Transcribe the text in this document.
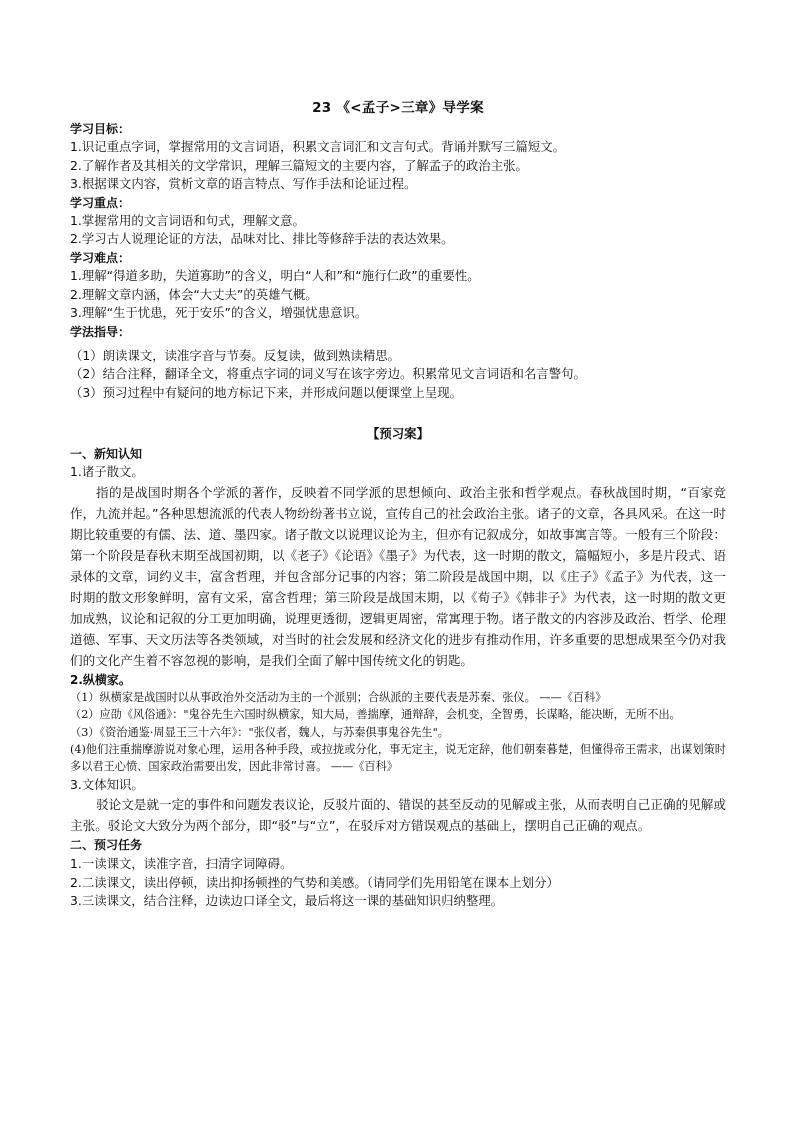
23 《<孟子>三章》导学案
学习目标：
1.识记重点字词，掌握常用的文言词语，积累文言词汇和文言句式。背诵并默写三篇短文。
2.了解作者及其相关的文学常识，理解三篇短文的主要内容，了解孟子的政治主张。
3.根据课文内容，赏析文章的语言特点、写作手法和论证过程。
学习重点：
1.掌握常用的文言词语和句式，理解文意。
2.学习古人说理论证的方法，品味对比、排比等修辞手法的表达效果。
学习难点：
1.理解“得道多助，失道寡助”的含义，明白“人和”和“施行仁政”的重要性。
2.理解文章内涵，体会“大丈夫”的英雄气概。
3.理解“生于忧患，死于安乐”的含义，增强忧患意识。
学法指导：
（1）朗读课文，读准字音与节奏。反复读，做到熟读精思。
（2）结合注释，翻译全文，将重点字词的词义写在该字旁边。积累常见文言词语和名言警句。
（3）预习过程中有疑问的地方标记下来，并形成问题以便课堂上呈现。
【预习案】
一、新知认知
1.诸子散文。
指的是战国时期各个学派的著作，反映着不同学派的思想倾向、政治主张和哲学观点。春秋战国时期，“百家竞作，九流并起。”各种思想流派的代表人物纷纷著书立说，宣传自己的社会政治主张。诸子的文章，各具风采。在这一时期比较重要的有儒、法、道、墨四家。诸子散文以说理议论为主，但亦有记叙成分，如故事寓言等。一般有三个阶段：第一个阶段是春秋末期至战国初期，以《老子》《论语》《墨子》为代表，这一时期的散文，篇幅短小，多是片段式、语录体的文章，词约义丰，富含哲理，并包含部分记事的内容；第二阶段是战国中期，以《庄子》《孟子》为代表，这一时期的散文形象鲜明，富有文采，富含哲理；第三阶段是战国末期，以《荀子》《韩非子》为代表，这一时期的散文更加成熟，议论和记叙的分工更加明确，说理更透彻，逻辑更周密，常寓理于物。诸子散文的内容涉及政治、哲学、伦理道德、军事、天文历法等各类领域，对当时的社会发展和经济文化的进步有推动作用，许多重要的思想成果至今仍对我们的文化产生着不容忽视的影响，是我们全面了解中国传统文化的钥匙。
2.纵横家。
（1）纵横家是战国时以从事政治外交活动为主的一个派别；合纵派的主要代表是苏秦、张仪。 ——《百科》
（2）应劭《风俗通》："鬼谷先生六国时纵横家，知大局，善揣摩，通辩辞，会机变，全智勇，长谋略，能决断，无所不出。
（3）《资治通鉴·周显王三十六年》："张仪者，魏人，与苏秦俱事鬼谷先生"。
(4)他们注重揣摩游说对象心理，运用各种手段，或拉拢或分化，事无定主，说无定辞，他们朝秦暮楚，但懂得帝王需求，出谋划策时多以君王心愤、国家政治需要出发，因此非常讨喜。 ——《百科》
3.文体知识。
驳论文是就一定的事件和问题发表议论，反驳片面的、错误的甚至反动的见解或主张，从而表明自己正确的见解或主张。驳论文大致分为两个部分，即“驳”与“立”，在驳斥对方错误观点的基础上，摆明自己正确的观点。
二、预习任务
1.一读课文，读准字音，扫清字词障碍。
2.二读课文，读出停顿，读出抑扬顿挫的气势和美感。（请同学们先用铅笔在课本上划分）
3.三读课文，结合注释，边读边口译全文，最后将这一课的基础知识归纳整理。
